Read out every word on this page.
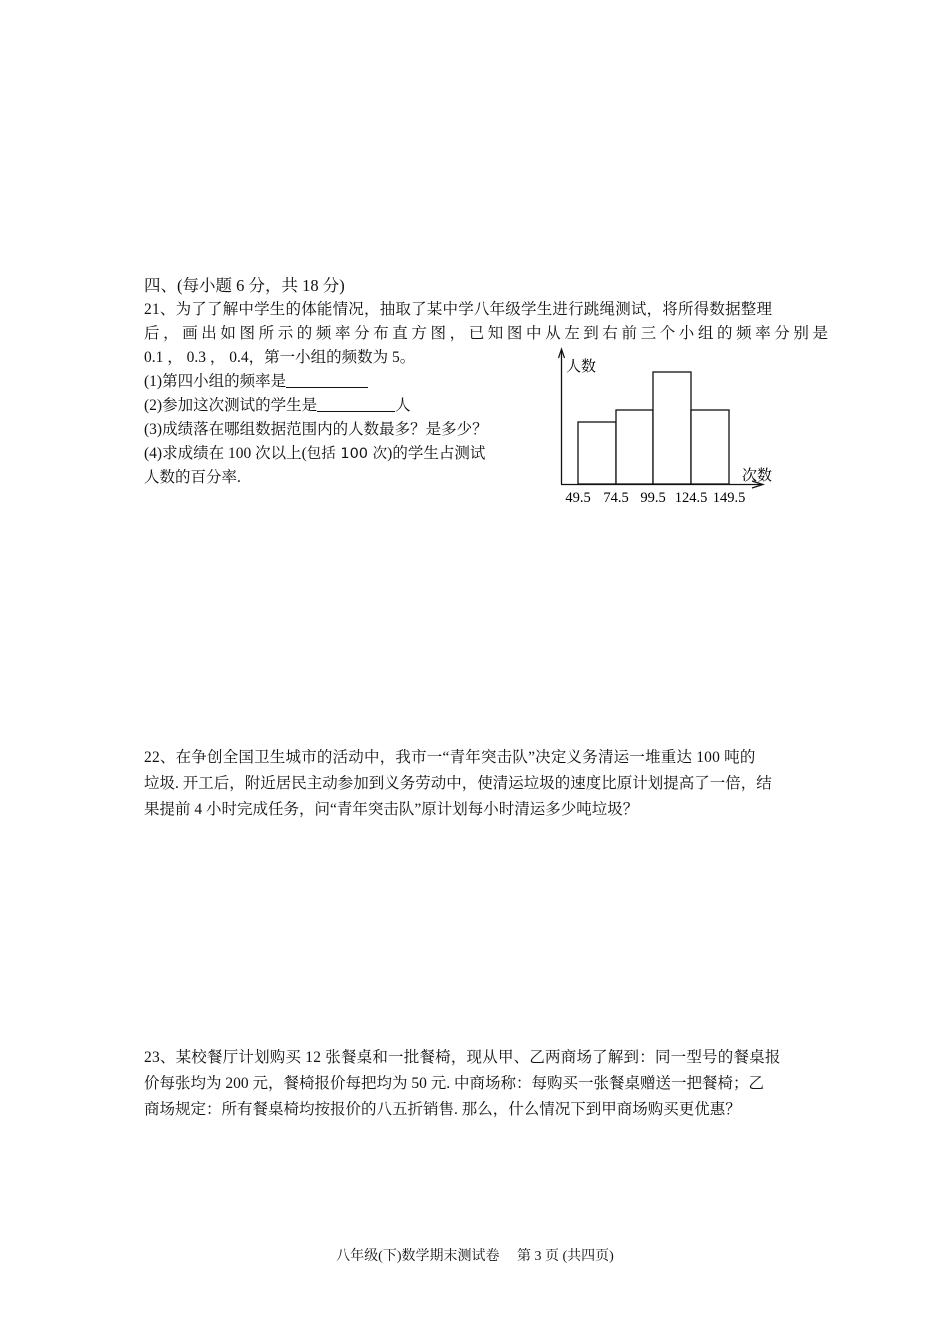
四、(每小题 6 分，共 18 分)
21、为了了解中学生的体能情况，抽取了某中学八年级学生进行跳绳测试，将所得数据整理
后，画出如图所示的频率分布直方图，已知图中从左到右前三个小组的频率分别是
0.1 ， 0.3 ， 0.4，第一小组的频数为 5。
(1)第四小组的频率是
(2)参加这次测试的学生是	人
(3)成绩落在哪组数据范围内的人数最多？是多少？
(4)求成绩在 100 次以上(包括 100 次)的学生占测试
人数的百分率.
人数
次数
49.5 74.5 99.5 124.5 149.5
22、在争创全国卫生城市的活动中，我市一“青年突击队”决定义务清运一堆重达 100 吨的
垃圾. 开工后，附近居民主动参加到义务劳动中，使清运垃圾的速度比原计划提高了一倍，结
果提前 4 小时完成任务，问“青年突击队”原计划每小时清运多少吨垃圾？
23、某校餐厅计划购买 12 张餐桌和一批餐椅，现从甲、乙两商场了解到：同一型号的餐桌报
价每张均为 200 元，餐椅报价每把均为 50 元. 中商场称：每购买一张餐桌赠送一把餐椅；乙
商场规定：所有餐桌椅均按报价的八五折销售. 那么，什么情况下到甲商场购买更优惠？
八年级(下)数学期末测试卷     第 3 页 (共四页)
